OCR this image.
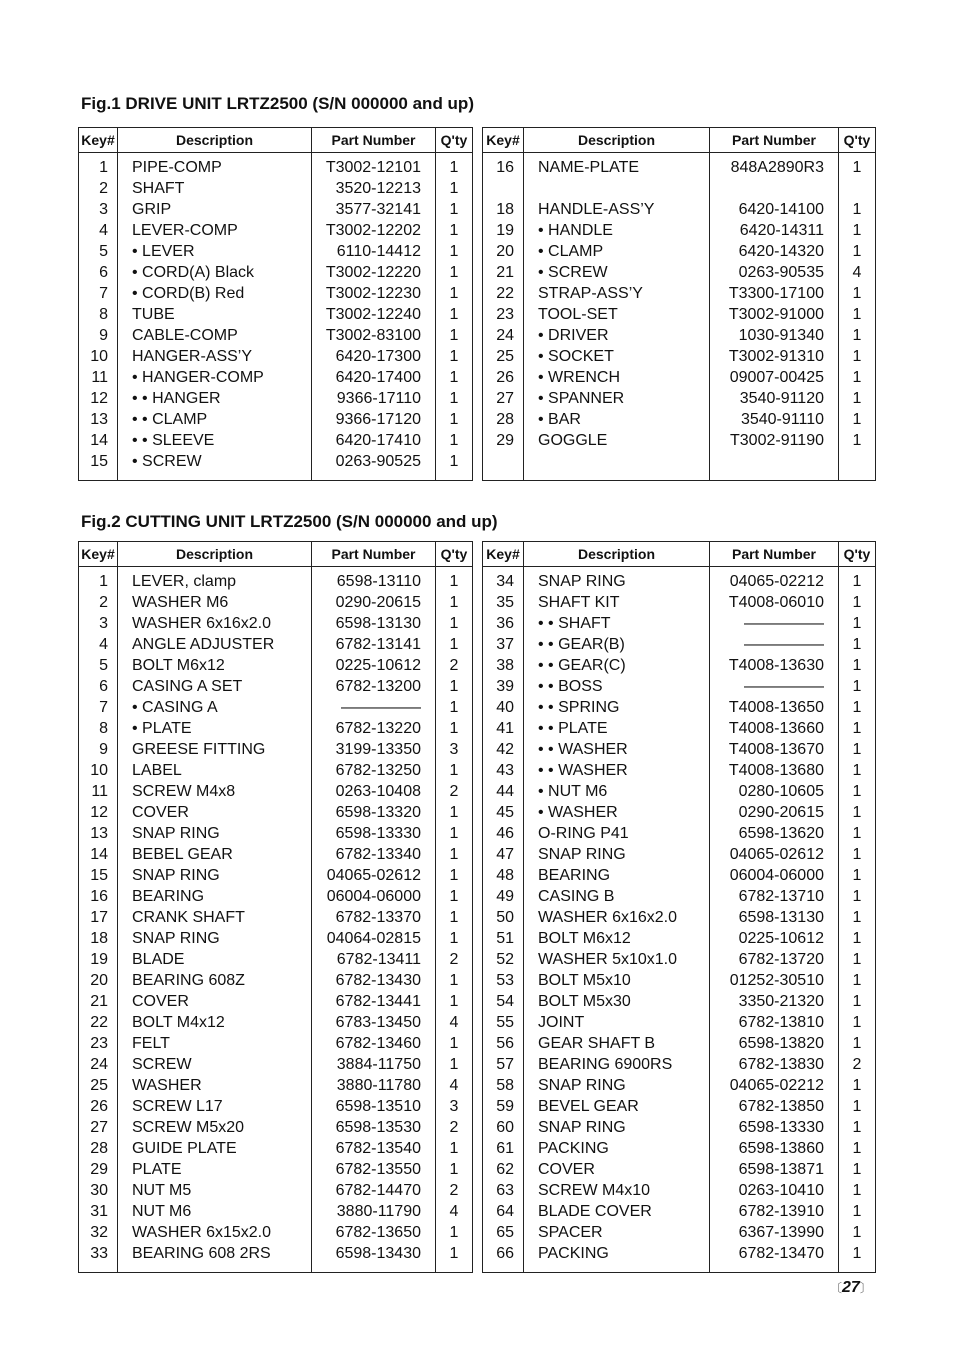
Fig.1 DRIVE UNIT LRTZ2500 (S/N 000000 and up)
Key#	Description	Part Number	Q'ty
1	PIPE-COMP	T3002-12101	1
2	SHAFT	3520-12213	1
3	GRIP	3577-32141	1
4	LEVER-COMP	T3002-12202	1
5	• LEVER	6110-14412	1
6	• CORD(A) Black	T3002-12220	1
7	• CORD(B) Red	T3002-12230	1
8	TUBE	T3002-12240	1
9	CABLE-COMP	T3002-83100	1
10	HANGER-ASS’Y	6420-17300	1
11	• HANGER-COMP	6420-17400	1
12	• • HANGER	9366-17110	1
13	• • CLAMP	9366-17120	1
14	• • SLEEVE	6420-17410	1
15	• SCREW	0263-90525	1
Key#	Description	Part Number	Q'ty
16	NAME-PLATE	848A2890R3	1

18	HANDLE-ASS’Y	6420-14100	1
19	• HANDLE	6420-14311	1
20	• CLAMP	6420-14320	1
21	• SCREW	0263-90535	4
22	STRAP-ASS’Y	T3300-17100	1
23	TOOL-SET	T3002-91000	1
24	• DRIVER	1030-91340	1
25	• SOCKET	T3002-91310	1
26	• WRENCH	09007-00425	1
27	• SPANNER	3540-91120	1
28	• BAR	3540-91110	1
29	GOGGLE	T3002-91190	1

Fig.2 CUTTING UNIT LRTZ2500 (S/N 000000 and up)
Key#	Description	Part Number	Q'ty
1	LEVER, clamp	6598-13110	1
2	WASHER M6	0290-20615	1
3	WASHER 6x16x2.0	6598-13130	1
4	ANGLE ADJUSTER	6782-13141	1
5	BOLT M6x12	0225-10612	2
6	CASING A SET	6782-13200	1
7	• CASING A	—————	1
8	• PLATE	6782-13220	1
9	GREESE FITTING	3199-13350	3
10	LABEL	6782-13250	1
11	SCREW M4x8	0263-10408	2
12	COVER	6598-13320	1
13	SNAP RING	6598-13330	1
14	BEBEL GEAR	6782-13340	1
15	SNAP RING	04065-02612	1
16	BEARING	06004-06000	1
17	CRANK SHAFT	6782-13370	1
18	SNAP RING	04064-02815	1
19	BLADE	6782-13411	2
20	BEARING 608Z	6782-13430	1
21	COVER	6782-13441	1
22	BOLT M4x12	6783-13450	4
23	FELT	6782-13460	1
24	SCREW	3884-11750	1
25	WASHER	3880-11780	4
26	SCREW L17	6598-13510	3
27	SCREW M5x20	6598-13530	2
28	GUIDE PLATE	6782-13540	1
29	PLATE	6782-13550	1
30	NUT M5	6782-14470	2
31	NUT M6	3880-11790	4
32	WASHER 6x15x2.0	6782-13650	1
33	BEARING 608 2RS	6598-13430	1
Key#	Description	Part Number	Q'ty
34	SNAP RING	04065-02212	1
35	SHAFT KIT	T4008-06010	1
36	• • SHAFT	—————	1
37	• • GEAR(B)	—————	1
38	• • GEAR(C)	T4008-13630	1
39	• • BOSS	—————	1
40	• • SPRING	T4008-13650	1
41	• • PLATE	T4008-13660	1
42	• • WASHER	T4008-13670	1
43	• • WASHER	T4008-13680	1
44	• NUT M6	0280-10605	1
45	• WASHER	0290-20615	1
46	O-RING P41	6598-13620	1
47	SNAP RING	04065-02612	1
48	BEARING	06004-06000	1
49	CASING B	6782-13710	1
50	WASHER 6x16x2.0	6598-13130	1
51	BOLT M6x12	0225-10612	1
52	WASHER 5x10x1.0	6782-13720	1
53	BOLT M5x10	01252-30510	1
54	BOLT M5x30	3350-21320	1
55	JOINT	6782-13810	1
56	GEAR SHAFT B	6598-13820	1
57	BEARING 6900RS	6782-13830	2
58	SNAP RING	04065-02212	1
59	BEVEL GEAR	6782-13850	1
60	SNAP RING	6598-13330	1
61	PACKING	6598-13860	1
62	COVER	6598-13871	1
63	SCREW M4x10	0263-10410	1
64	BLADE COVER	6782-13910	1
65	SPACER	6367-13990	1
66	PACKING	6782-13470	1
〔27〕
